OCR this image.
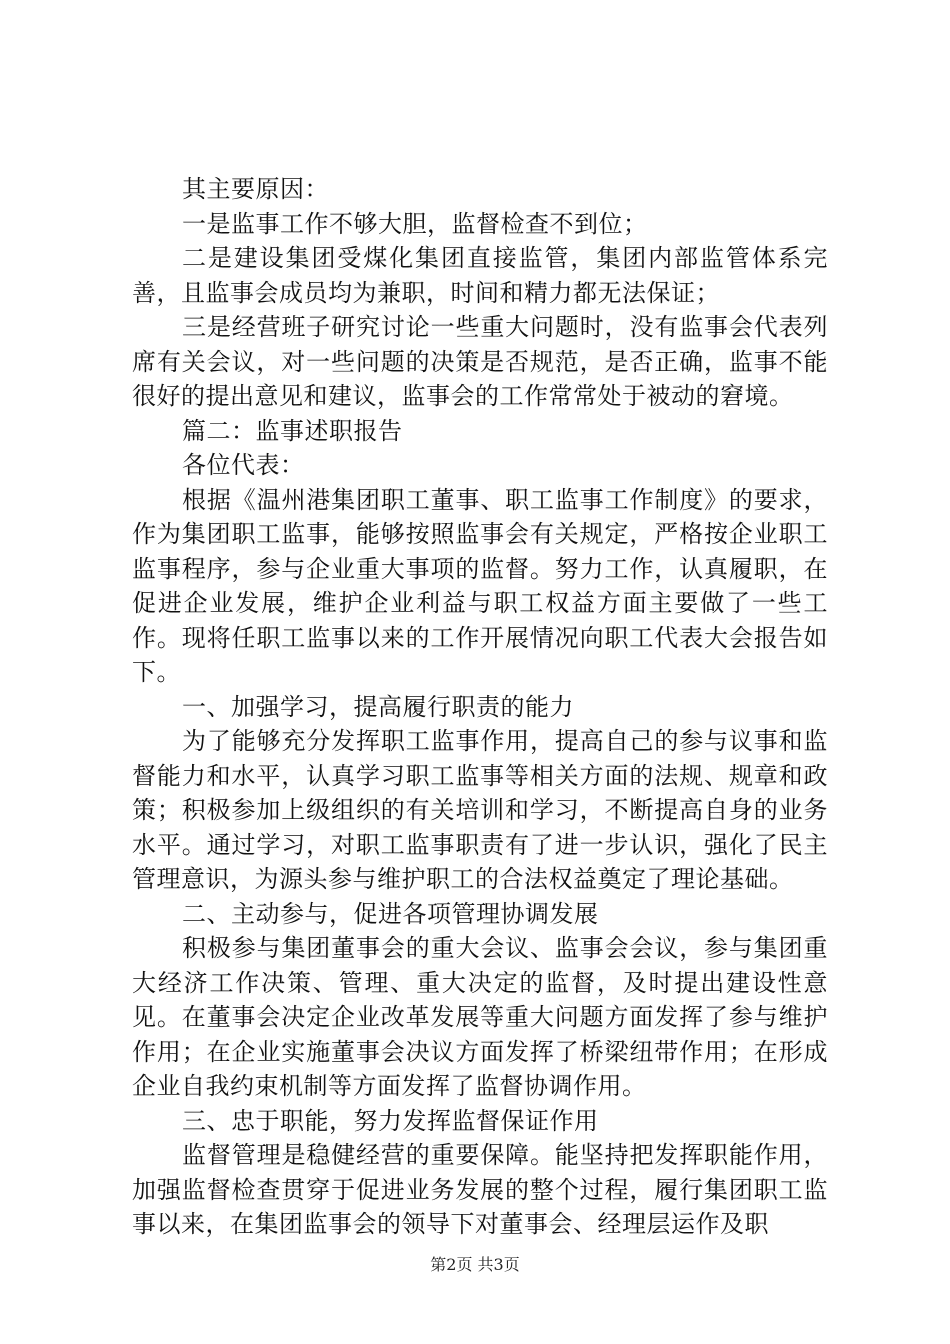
其主要原因：

一是监事工作不够大胆，监督检查不到位；

二是建设集团受煤化集团直接监管，集团内部监管体系完善，且监事会成员均为兼职，时间和精力都无法保证；

三是经营班子研究讨论一些重大问题时，没有监事会代表列席有关会议，对一些问题的决策是否规范，是否正确，监事不能很好的提出意见和建议，监事会的工作常常处于被动的窘境。

篇二：监事述职报告

各位代表：

根据《温州港集团职工董事、职工监事工作制度》的要求，作为集团职工监事，能够按照监事会有关规定，严格按企业职工监事程序，参与企业重大事项的监督。努力工作，认真履职，在促进企业发展，维护企业利益与职工权益方面主要做了一些工作。现将任职工监事以来的工作开展情况向职工代表大会报告如下。

一、加强学习，提高履行职责的能力

为了能够充分发挥职工监事作用，提高自己的参与议事和监督能力和水平，认真学习职工监事等相关方面的法规、规章和政策；积极参加上级组织的有关培训和学习，不断提高自身的业务水平。通过学习，对职工监事职责有了进一步认识，强化了民主管理意识，为源头参与维护职工的合法权益奠定了理论基础。

二、主动参与，促进各项管理协调发展

积极参与集团董事会的重大会议、监事会会议，参与集团重大经济工作决策、管理、重大决定的监督，及时提出建设性意见。在董事会决定企业改革发展等重大问题方面发挥了参与维护作用；在企业实施董事会决议方面发挥了桥梁纽带作用；在形成企业自我约束机制等方面发挥了监督协调作用。

三、忠于职能，努力发挥监督保证作用

监督管理是稳健经营的重要保障。能坚持把发挥职能作用，加强监督检查贯穿于促进业务发展的整个过程，履行集团职工监事以来，在集团监事会的领导下对董事会、经理层运作及职

第2页 共3页
